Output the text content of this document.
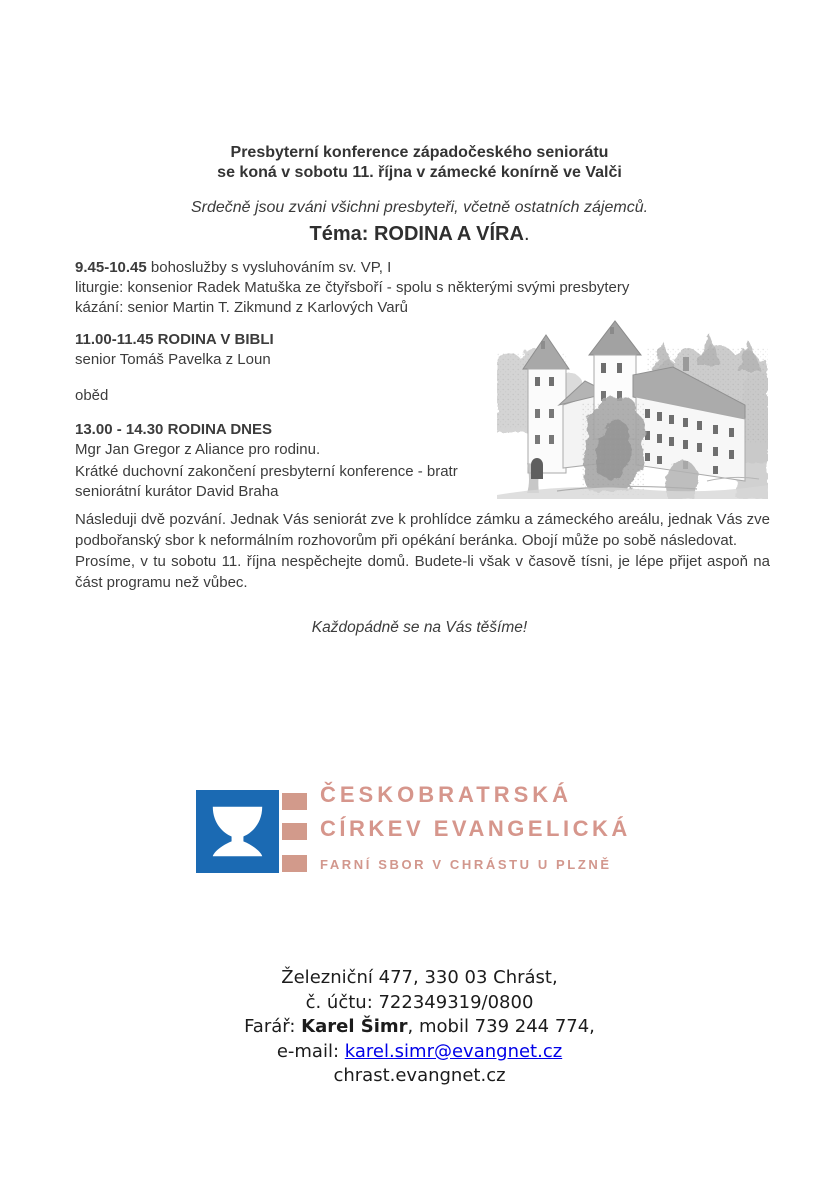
Presbyterní konference západočeského seniorátu
se koná v sobotu 11. října v zámecké konírně ve Valči
Srdečně jsou zváni všichni presbyteři, včetně ostatních zájemců.
Téma: RODINA A VÍRA.
9.45-10.45 bohoslužby s vysluhováním sv. VP, I
liturgie: konsenior Radek Matuška ze čtyřsboří - spolu s některými svými presbytery
kázání: senior Martin T. Zikmund z Karlových Varů
11.00-11.45 RODINA V BIBLI
senior Tomáš Pavelka z Loun
oběd
13.00 - 14.30 RODINA DNES
Mgr Jan Gregor z Aliance pro rodinu.
Krátké duchovní zakončení presbyterní konference - bratr
seniorátní kurátor David Braha

Následuji dvě pozvání. Jednak Vás seniorát zve k prohlídce zámku a zámeckého areálu, jednak Vás zve podbořanský sbor k neformálním rozhovorům při opékání beránka. Obojí může po sobě následovat.

Prosíme, v tu sobotu 11. října nespěchejte domů. Budete-li však v časově tísni, je lépe přijet aspoň na část programu než vůbec.

Každopádně se na Vás těšíme!
ČESKOBRATRSKÁ
CÍRKEV EVANGELICKÁ
FARNÍ SBOR V CHRÁSTU U PLZNĚ
Železniční 477, 330 03 Chrást,
č. účtu: 722349319/0800
Farář: Karel Šimr, mobil 739 244 774,
e-mail: karel.simr@evangnet.cz
chrast.evangnet.cz
